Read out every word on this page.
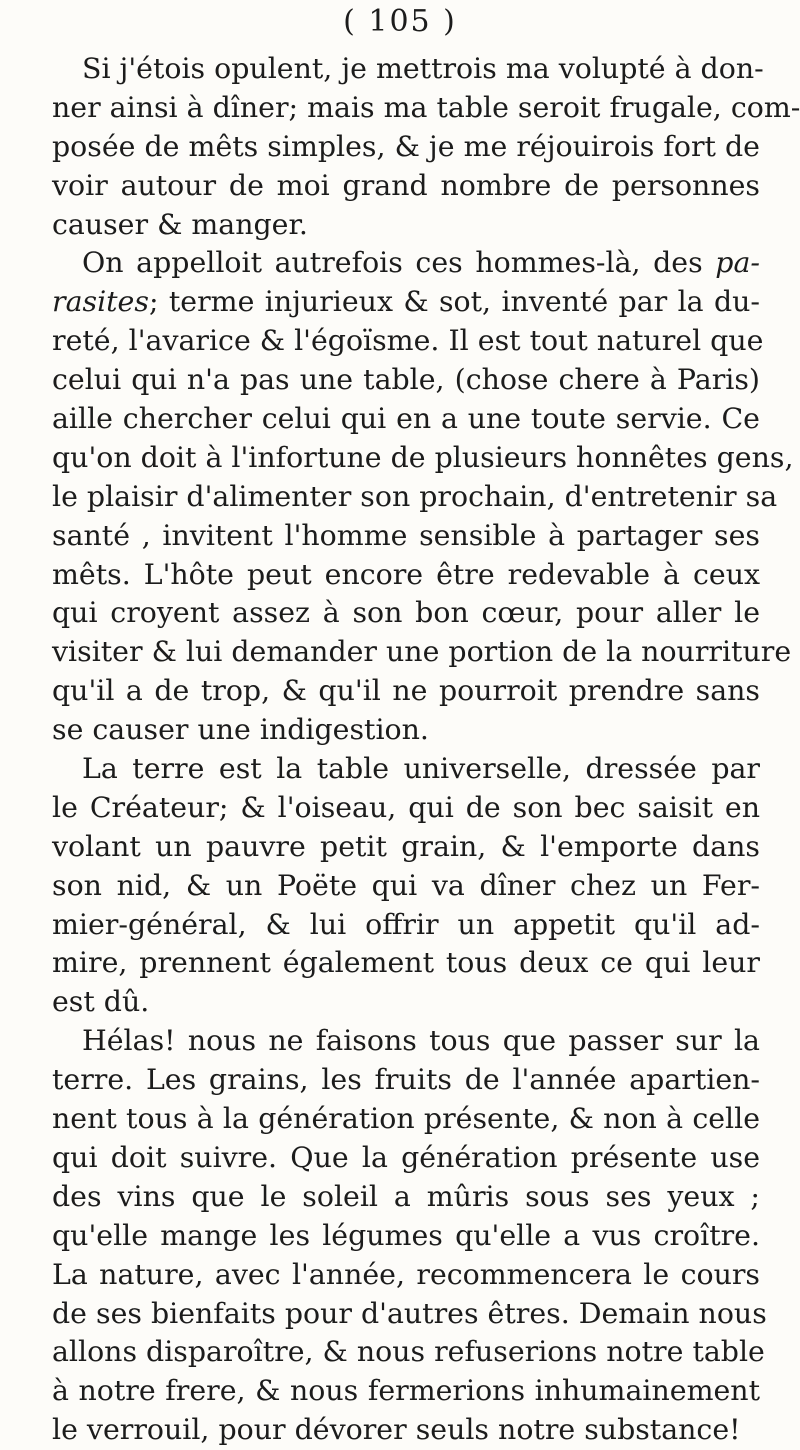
( 105 )
Si j'étois opulent, je mettrois ma volupté à don-
ner ainsi à dîner; mais ma table seroit frugale, com-
posée de mêts simples, & je me réjouirois fort de
voir autour de moi grand nombre de personnes
causer & manger.
On appelloit autrefois ces hommes-là, des pa-
rasites; terme injurieux & sot, inventé par la du-
reté, l'avarice & l'égoïsme. Il est tout naturel que
celui qui n'a pas une table, (chose chere à Paris)
aille chercher celui qui en a une toute servie. Ce
qu'on doit à l'infortune de plusieurs honnêtes gens,
le plaisir d'alimenter son prochain, d'entretenir sa
santé , invitent l'homme sensible à partager ses
mêts. L'hôte peut encore être redevable à ceux
qui croyent assez à son bon cœur, pour aller le
visiter & lui demander une portion de la nourriture
qu'il a de trop, & qu'il ne pourroit prendre sans
se causer une indigestion.
La terre est la table universelle, dressée par
le Créateur; & l'oiseau, qui de son bec saisit en
volant un pauvre petit grain, & l'emporte dans
son nid, & un Poëte qui va dîner chez un Fer-
mier-général, & lui offrir un appetit qu'il ad-
mire, prennent également tous deux ce qui leur
est dû.
Hélas! nous ne faisons tous que passer sur la
terre. Les grains, les fruits de l'année apartien-
nent tous à la génération présente, & non à celle
qui doit suivre. Que la génération présente use
des vins que le soleil a mûris sous ses yeux ;
qu'elle mange les légumes qu'elle a vus croître.
La nature, avec l'année, recommencera le cours
de ses bienfaits pour d'autres êtres. Demain nous
allons disparoître, & nous refuserions notre table
à notre frere, & nous fermerions inhumainement
le verrouil, pour dévorer seuls notre substance!
